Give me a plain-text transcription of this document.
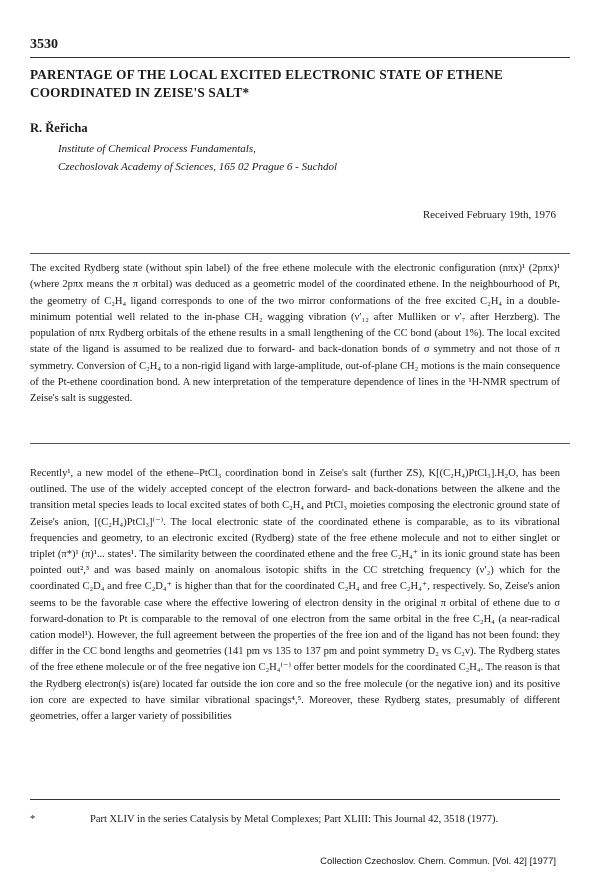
3530
PARENTAGE OF THE LOCAL EXCITED ELECTRONIC STATE OF ETHENE COORDINATED IN ZEISE'S SALT*
R. Řeřicha
Institute of Chemical Process Fundamentals,
Czechoslovak Academy of Sciences, 165 02 Prague 6 - Suchdol
Received February 19th, 1976

The excited Rydberg state (without spin label) of the free ethene molecule with the electronic configuration (nπx)¹ (2pπx)¹ (where 2pπx means the π orbital) was deduced as a geometric model of the coordinated ethene. In the neighbourhood of Pt, the geometry of C₂H₄ ligand corresponds to one of the two mirror conformations of the free excited C₂H₄ in a double-minimum potential well related to the in-phase CH₂ wagging vibration (ν′₁₂ after Mulliken or ν′₇ after Herzberg). The population of nπx Rydberg orbitals of the ethene results in a small lengthening of the CC bond (about 1%). The local excited state of the ligand is assumed to be realized due to forward- and back-donation bonds of σ symmetry and not those of π symmetry. Conversion of C₂H₄ to a non-rigid ligand with large-amplitude, out-of-plane CH₂ motions is the main consequence of the Pt-ethene coordination bond. A new interpretation of the temperature dependence of lines in the ¹H-NMR spectrum of Zeise's salt is suggested.

Recently¹, a new model of the ethene–PtCl₃ coordination bond in Zeise's salt (further ZS), K[(C₂H₄)PtCl₃].H₂O, has been outlined. The use of the widely accepted concept of the electron forward- and back-donations between the alkene and the transition metal species leads to local excited states of both C₂H₄ and PtCl₃ moieties composing the electronic ground state of Zeise's anion, [(C₂H₄)PtCl₃]⁽⁻⁾. The local electronic state of the coordinated ethene is comparable, as to its vibrational frequencies and geometry, to an electronic excited (Rydberg) state of the free ethene molecule and not to either singlet or triplet (π*)¹ (π)¹... states¹. The similarity between the coordinated ethene and the free C₂H₄⁺ in its ionic ground state has been pointed out²,³ and was based mainly on anomalous isotopic shifts in the CC stretching frequency (ν′₂) which for the coordinated C₂D₄ and free C₂D₄⁺ is higher than that for the coordinated C₂H₄ and free C₂H₄⁺, respectively. So, Zeise's anion seems to be the favorable case where the effective lowering of electron density in the original π orbital of ethene due to σ forward-donation to Pt is comparable to the removal of one electron from the same orbital in the free C₂H₄ (a near-radical cation model¹). However, the full agreement between the properties of the free ion and of the ligand has not been found: they differ in the CC bond lengths and geometries (141 pm vs 135 to 137 pm and point symmetry D₂ vs C₂v). The Rydberg states of the free ethene molecule or of the free negative ion C₂H₄⁽⁻⁾ offer better models for the coordinated C₂H₄. The reason is that the Rydberg electron(s) is(are) located far outside the ion core and so the free molecule (or the negative ion) and its positive ion core are expected to have similar vibrational spacings⁴,⁵. Moreover, these Rydberg states, presumably of different geometries, offer a larger variety of possibilities

*	Part XLIV in the series Catalysis by Metal Complexes; Part XLIII: This Journal 42, 3518 (1977).
Collection Czechoslov. Chem. Commun. [Vol. 42] [1977]
